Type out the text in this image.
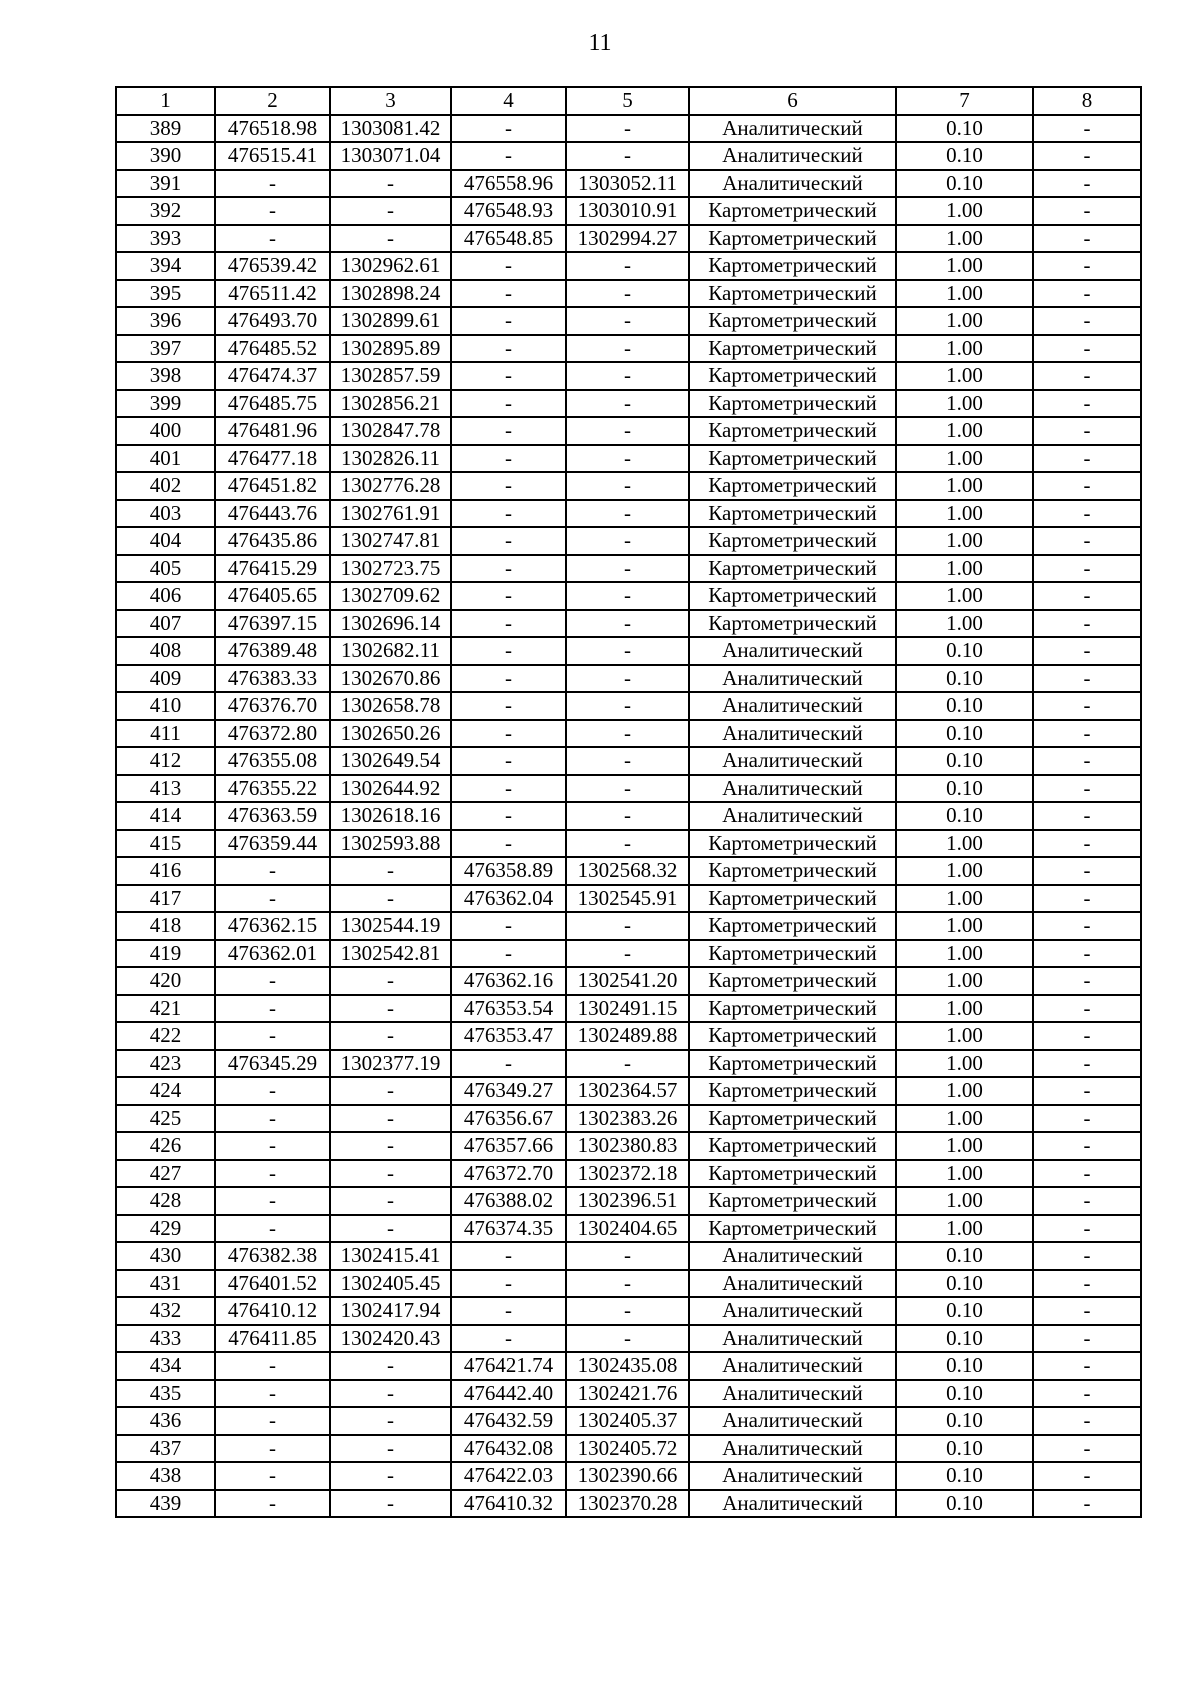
11
1	2	3	4	5	6	7	8
389	476518.98	1303081.42	-	-	Аналитический	0.10	-
390	476515.41	1303071.04	-	-	Аналитический	0.10	-
391	-	-	476558.96	1303052.11	Аналитический	0.10	-
392	-	-	476548.93	1303010.91	Картометрический	1.00	-
393	-	-	476548.85	1302994.27	Картометрический	1.00	-
394	476539.42	1302962.61	-	-	Картометрический	1.00	-
395	476511.42	1302898.24	-	-	Картометрический	1.00	-
396	476493.70	1302899.61	-	-	Картометрический	1.00	-
397	476485.52	1302895.89	-	-	Картометрический	1.00	-
398	476474.37	1302857.59	-	-	Картометрический	1.00	-
399	476485.75	1302856.21	-	-	Картометрический	1.00	-
400	476481.96	1302847.78	-	-	Картометрический	1.00	-
401	476477.18	1302826.11	-	-	Картометрический	1.00	-
402	476451.82	1302776.28	-	-	Картометрический	1.00	-
403	476443.76	1302761.91	-	-	Картометрический	1.00	-
404	476435.86	1302747.81	-	-	Картометрический	1.00	-
405	476415.29	1302723.75	-	-	Картометрический	1.00	-
406	476405.65	1302709.62	-	-	Картометрический	1.00	-
407	476397.15	1302696.14	-	-	Картометрический	1.00	-
408	476389.48	1302682.11	-	-	Аналитический	0.10	-
409	476383.33	1302670.86	-	-	Аналитический	0.10	-
410	476376.70	1302658.78	-	-	Аналитический	0.10	-
411	476372.80	1302650.26	-	-	Аналитический	0.10	-
412	476355.08	1302649.54	-	-	Аналитический	0.10	-
413	476355.22	1302644.92	-	-	Аналитический	0.10	-
414	476363.59	1302618.16	-	-	Аналитический	0.10	-
415	476359.44	1302593.88	-	-	Картометрический	1.00	-
416	-	-	476358.89	1302568.32	Картометрический	1.00	-
417	-	-	476362.04	1302545.91	Картометрический	1.00	-
418	476362.15	1302544.19	-	-	Картометрический	1.00	-
419	476362.01	1302542.81	-	-	Картометрический	1.00	-
420	-	-	476362.16	1302541.20	Картометрический	1.00	-
421	-	-	476353.54	1302491.15	Картометрический	1.00	-
422	-	-	476353.47	1302489.88	Картометрический	1.00	-
423	476345.29	1302377.19	-	-	Картометрический	1.00	-
424	-	-	476349.27	1302364.57	Картометрический	1.00	-
425	-	-	476356.67	1302383.26	Картометрический	1.00	-
426	-	-	476357.66	1302380.83	Картометрический	1.00	-
427	-	-	476372.70	1302372.18	Картометрический	1.00	-
428	-	-	476388.02	1302396.51	Картометрический	1.00	-
429	-	-	476374.35	1302404.65	Картометрический	1.00	-
430	476382.38	1302415.41	-	-	Аналитический	0.10	-
431	476401.52	1302405.45	-	-	Аналитический	0.10	-
432	476410.12	1302417.94	-	-	Аналитический	0.10	-
433	476411.85	1302420.43	-	-	Аналитический	0.10	-
434	-	-	476421.74	1302435.08	Аналитический	0.10	-
435	-	-	476442.40	1302421.76	Аналитический	0.10	-
436	-	-	476432.59	1302405.37	Аналитический	0.10	-
437	-	-	476432.08	1302405.72	Аналитический	0.10	-
438	-	-	476422.03	1302390.66	Аналитический	0.10	-
439	-	-	476410.32	1302370.28	Аналитический	0.10	-
